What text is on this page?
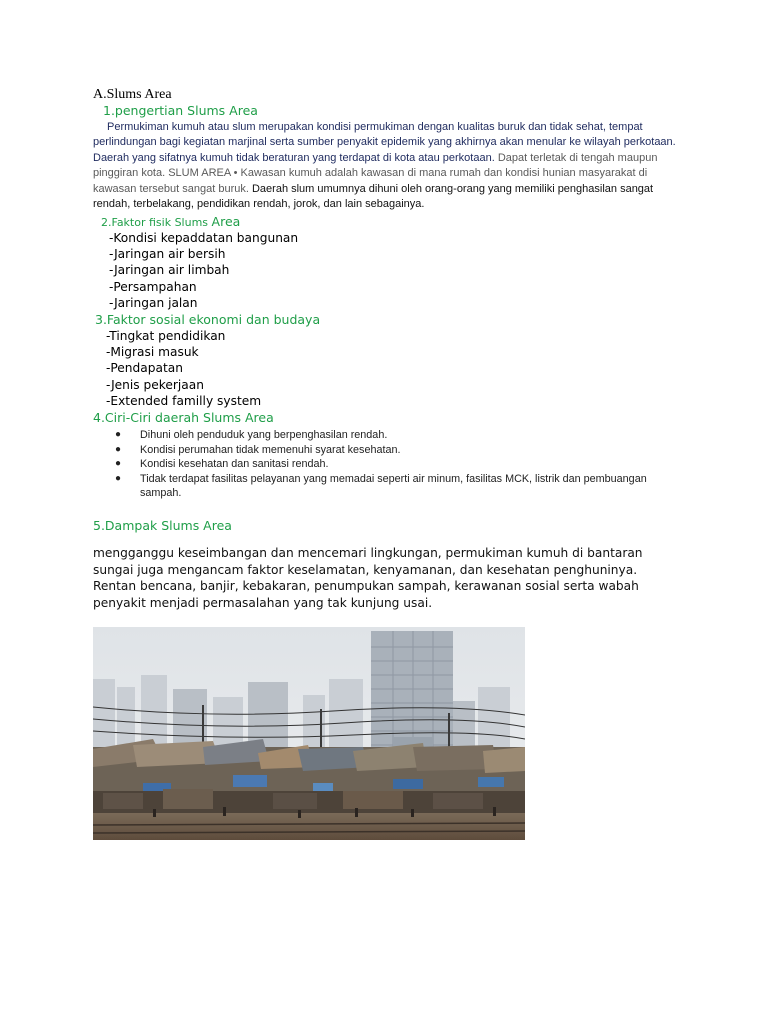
A.Slums Area
1.pengertian Slums Area
Permukiman kumuh atau slum merupakan kondisi permukiman dengan kualitas buruk dan tidak sehat, tempat perlindungan bagi kegiatan marjinal serta sumber penyakit epidemik yang akhirnya akan menular ke wilayah perkotaan. Daerah yang sifatnya kumuh tidak beraturan yang terdapat di kota atau perkotaan. Dapat terletak di tengah maupun pinggiran kota. SLUM AREA • Kawasan kumuh adalah kawasan di mana rumah dan kondisi hunian masyarakat di kawasan tersebut sangat buruk. Daerah slum umumnya dihuni oleh orang-orang yang memiliki penghasilan sangat rendah, terbelakang, pendidikan rendah, jorok, dan lain sebagainya.
2.Faktor fisik Slums Area
-Kondisi kepaddatan bangunan
-Jaringan air bersih
-Jaringan air limbah
-Persampahan
-Jaringan jalan
3.Faktor sosial ekonomi dan budaya
-Tingkat pendidikan
-Migrasi masuk
-Pendapatan
-Jenis pekerjaan
-Extended familly system
4.Ciri-Ciri daerah Slums Area
● Dihuni oleh penduduk yang berpenghasilan rendah.
● Kondisi perumahan tidak memenuhi syarat kesehatan.
● Kondisi kesehatan dan sanitasi rendah.
● Tidak terdapat fasilitas pelayanan yang memadai seperti air minum, fasilitas MCK, listrik dan pembuangan sampah.
5.Dampak Slums Area
mengganggu keseimbangan dan mencemari lingkungan, permukiman kumuh di bantaran sungai juga mengancam faktor keselamatan, kenyamanan, dan kesehatan penghuninya. Rentan bencana, banjir, kebakaran, penumpukan sampah, kerawanan sosial serta wabah penyakit menjadi permasalahan yang tak kunjung usai.
